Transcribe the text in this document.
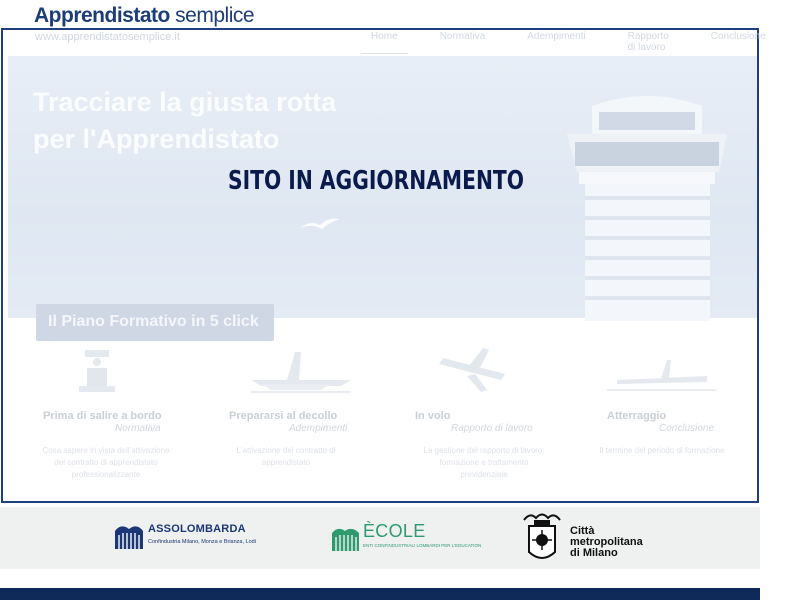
Apprendistato semplice
www.apprendistatosemplice.it	Home	Normativa	Adempimenti	Rapporto di lavoro
Conclusione
Tracciare la giusta rotta
per l'Apprendistato
SITO IN AGGIORNAMENTO
Il Piano Formativo in 5 click
Prima di salire a bordo
Normativa
Cosa sapere in vista dell'attivazione del contratto di apprendistato professionalizzante
Prepararsi al decollo
Adempimenti
L'attivazione del contratto di apprendistato
In volo
Rapporto di lavoro
La gestione del rapporto di lavoro: formazione e trattamento previdenziale
Atterraggio
Conclusione
Il termine del periodo di formazione
ASSOLOMBARDA
Confindustria Milano, Monza e Brianza, Lodi
ÈCOLE
ENTI CONFINDUSTRIALI LOMBARDI PER L'EDUCATION
Città
metropolitana
di Milano
